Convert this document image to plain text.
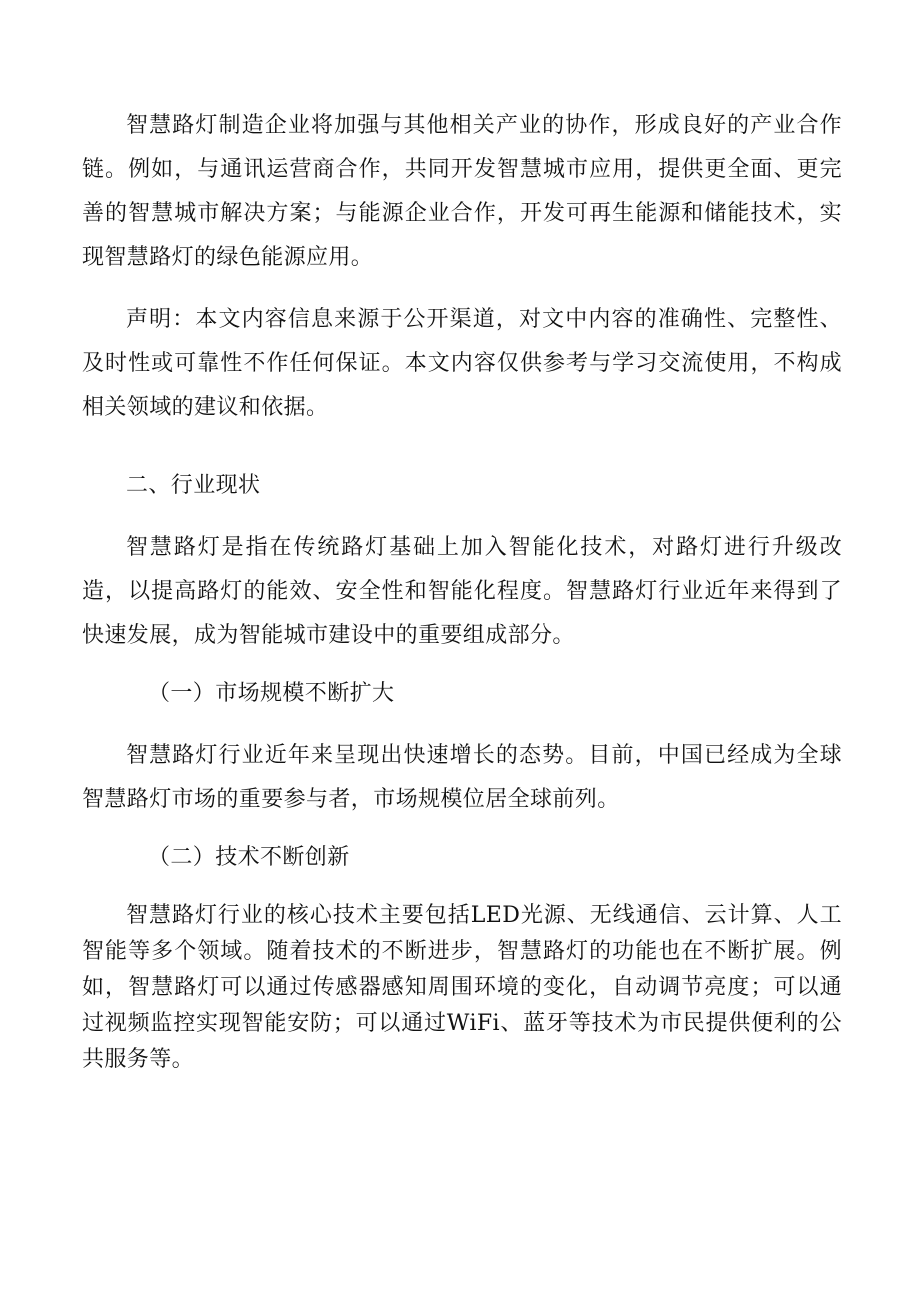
智慧路灯制造企业将加强与其他相关产业的协作，形成良好的产业合作链。例如，与通讯运营商合作，共同开发智慧城市应用，提供更全面、更完善的智慧城市解决方案；与能源企业合作，开发可再生能源和储能技术，实现智慧路灯的绿色能源应用。

声明：本文内容信息来源于公开渠道，对文中内容的准确性、完整性、及时性或可靠性不作任何保证。本文内容仅供参考与学习交流使用，不构成相关领域的建议和依据。

二、行业现状

智慧路灯是指在传统路灯基础上加入智能化技术，对路灯进行升级改造，以提高路灯的能效、安全性和智能化程度。智慧路灯行业近年来得到了快速发展，成为智能城市建设中的重要组成部分。

（一）市场规模不断扩大

智慧路灯行业近年来呈现出快速增长的态势。目前，中国已经成为全球智慧路灯市场的重要参与者，市场规模位居全球前列。

（二）技术不断创新

智慧路灯行业的核心技术主要包括LED光源、无线通信、云计算、人工智能等多个领域。随着技术的不断进步，智慧路灯的功能也在不断扩展。例如，智慧路灯可以通过传感器感知周围环境的变化，自动调节亮度；可以通过视频监控实现智能安防；可以通过WiFi、蓝牙等技术为市民提供便利的公共服务等。
